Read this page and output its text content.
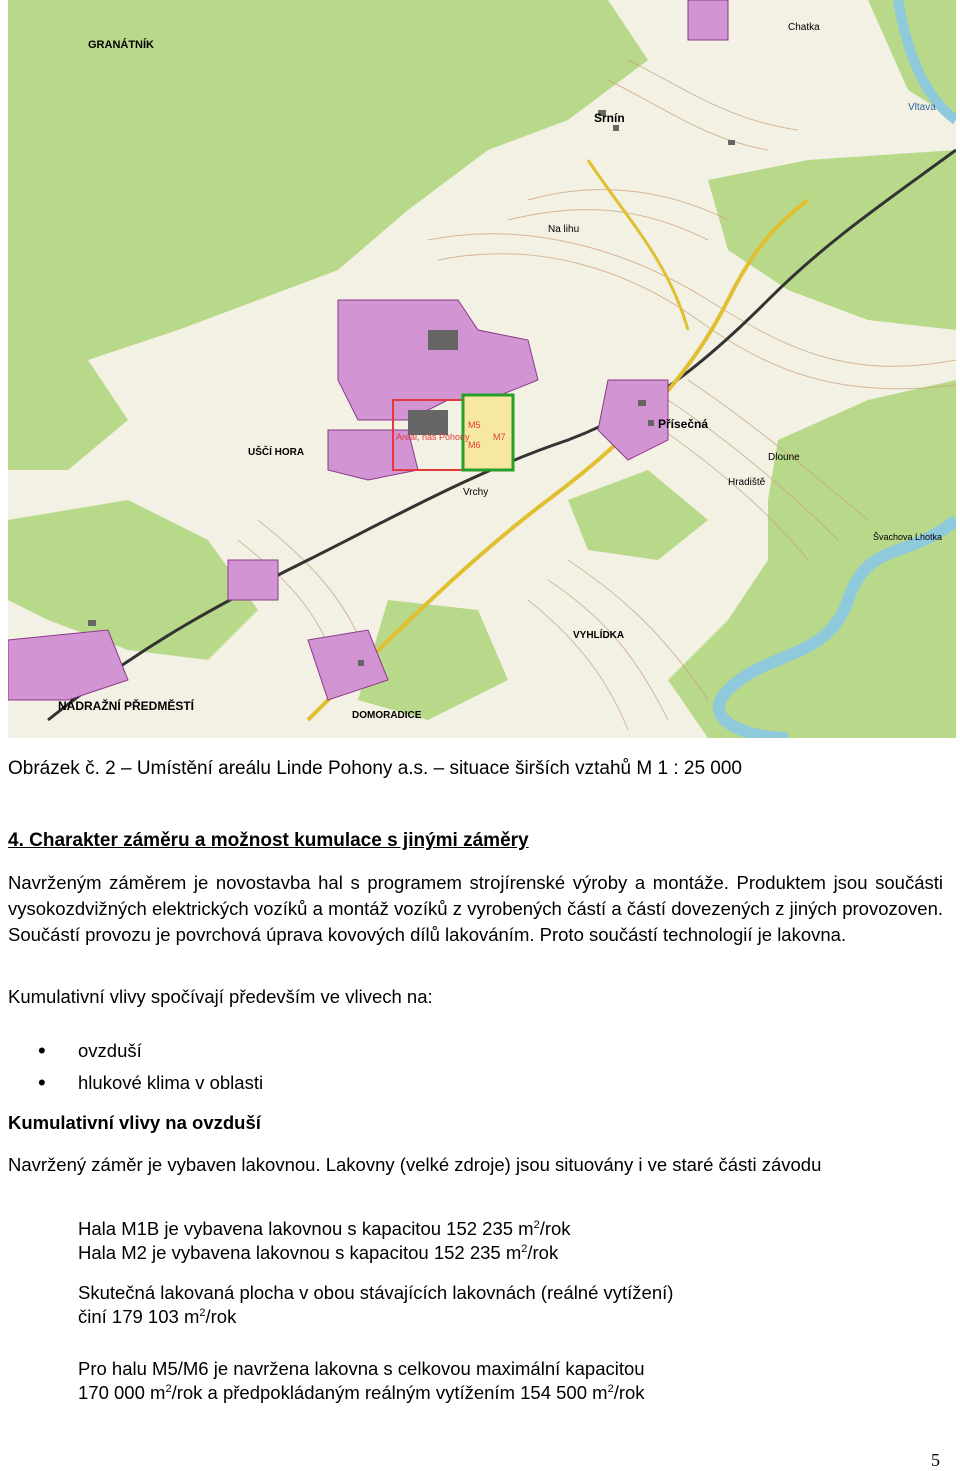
GRANÁTNÍK
Srnín
Na lihu
Přísečná
UŠČÍ HORA
Vrchy
VYHLÍDKA
NÁDRAŽNÍ PŘEDMĚSTÍ
DOMORADICE
Vltava
Dloune
Hradiště
Chatka
Švachova Lhotka
Areál, nás Pohony
M5
M6
M7
Obrázek č. 2 – Umístění areálu Linde Pohony a.s. – situace širších vztahů M 1 : 25 000
4. Charakter záměru a možnost kumulace s jinými záměry
Navrženým záměrem je novostavba hal s programem strojírenské výroby a montáže. Produktem jsou součásti vysokozdvižných elektrických vozíků a montáž vozíků z vyrobených částí a částí dovezených z jiných provozoven. Součástí provozu je povrchová úprava kovových dílů lakováním. Proto součástí technologií je lakovna.
Kumulativní vlivy spočívají především ve vlivech na:
• ovzduší
• hlukové klima v oblasti
Kumulativní vlivy na ovzduší
Navržený záměr je vybaven lakovnou. Lakovny (velké zdroje) jsou situovány i ve staré části závodu
Hala M1B je vybavena lakovnou s kapacitou 152 235 $m^2$/rok
Hala M2 je vybavena lakovnou s kapacitou 152 235 $m^2$/rok
Skutečná lakovaná plocha v obou stávajících lakovnách (reálné vytížení)
činí 179 103 $m^2$/rok
Pro halu M5/M6 je navržena lakovna s celkovou maximální kapacitou
170 000 $m^2$/rok a předpokládaným reálným vytížením 154 500 $m^2$/rok
5
